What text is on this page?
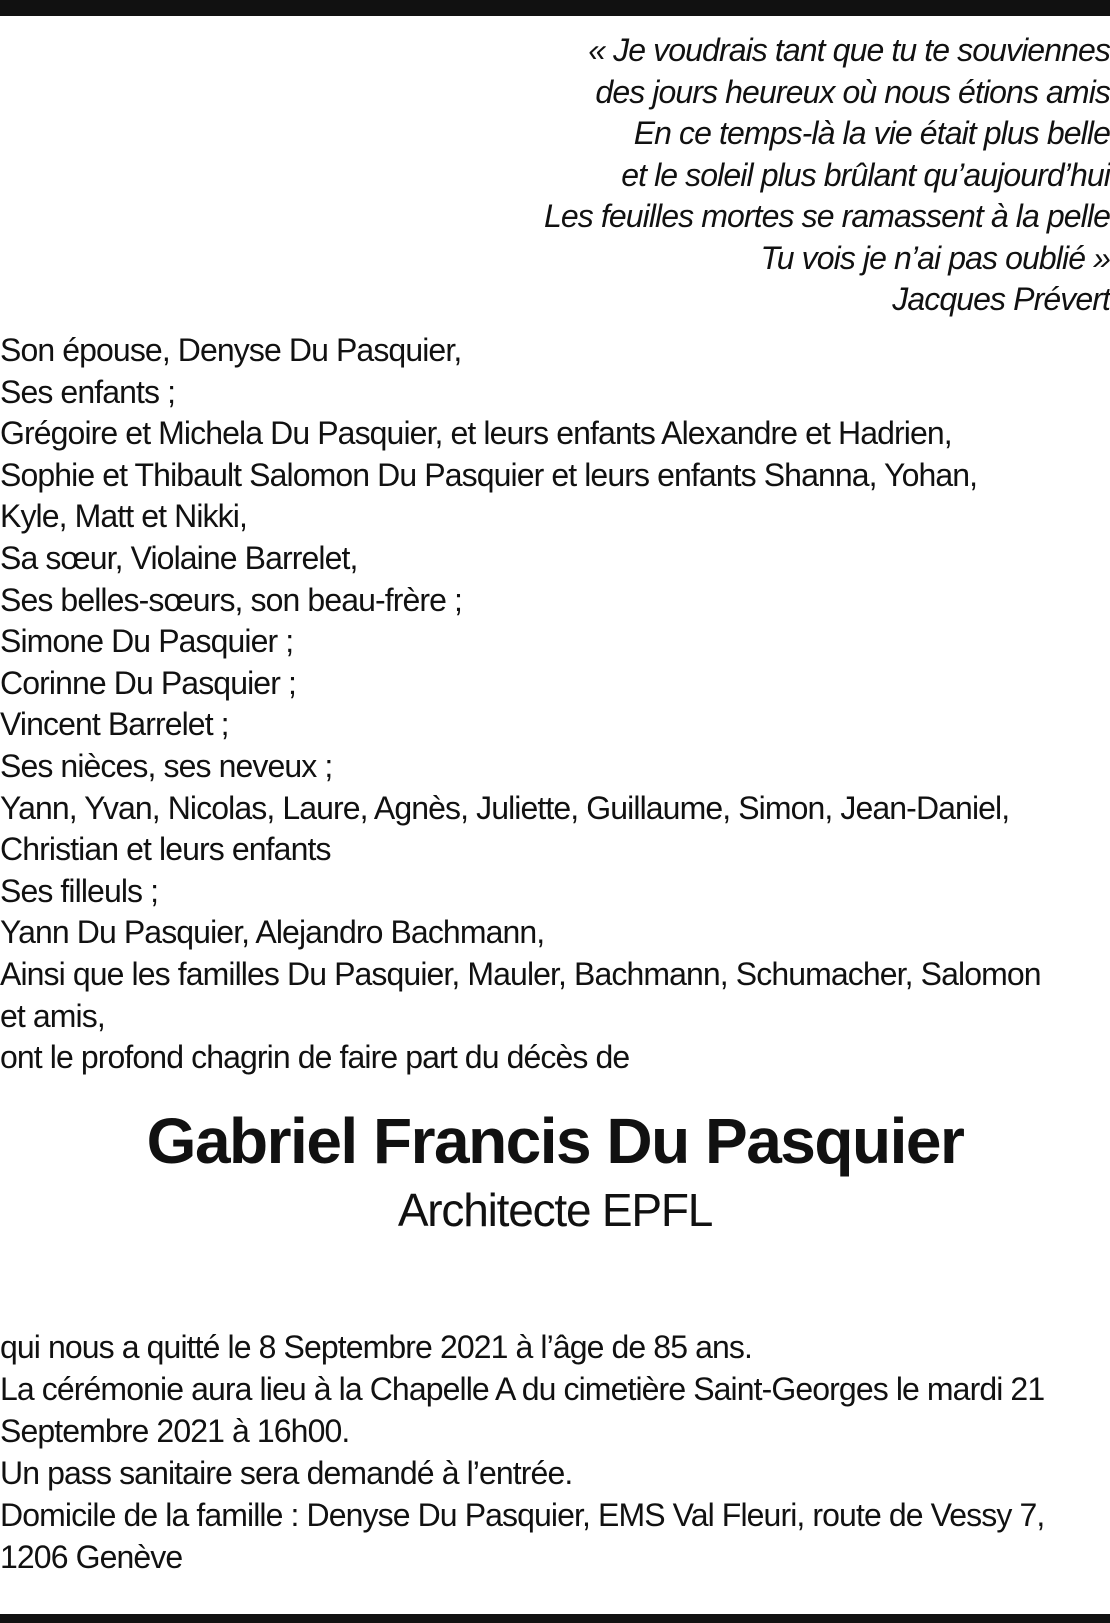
« Je voudrais tant que tu te souviennes
des jours heureux où nous étions amis
En ce temps-là la vie était plus belle
et le soleil plus brûlant qu’aujourd’hui
Les feuilles mortes se ramassent à la pelle
Tu vois je n’ai pas oublié »
Jacques Prévert
Son épouse, Denyse Du Pasquier,
Ses enfants ;
Grégoire et Michela Du Pasquier, et leurs enfants Alexandre et Hadrien,
Sophie et Thibault Salomon Du Pasquier et leurs enfants Shanna, Yohan,
Kyle, Matt et Nikki,
Sa sœur, Violaine Barrelet,
Ses belles-sœurs, son beau-frère ;
Simone Du Pasquier ;
Corinne Du Pasquier ;
Vincent Barrelet ;
Ses nièces, ses neveux ;
Yann, Yvan, Nicolas, Laure, Agnès, Juliette, Guillaume, Simon, Jean-Daniel,
Christian et leurs enfants
Ses filleuls ;
Yann Du Pasquier, Alejandro Bachmann,
Ainsi que les familles Du Pasquier, Mauler, Bachmann, Schumacher, Salomon
et amis,
ont le profond chagrin de faire part du décès de
Gabriel Francis Du Pasquier
Architecte EPFL
qui nous a quitté le 8 Septembre 2021 à l’âge de 85 ans.
La cérémonie aura lieu à la Chapelle A du cimetière Saint-Georges le mardi 21
Septembre 2021 à 16h00.
Un pass sanitaire sera demandé à l’entrée.
Domicile de la famille : Denyse Du Pasquier, EMS Val Fleuri, route de Vessy 7,
1206 Genève
